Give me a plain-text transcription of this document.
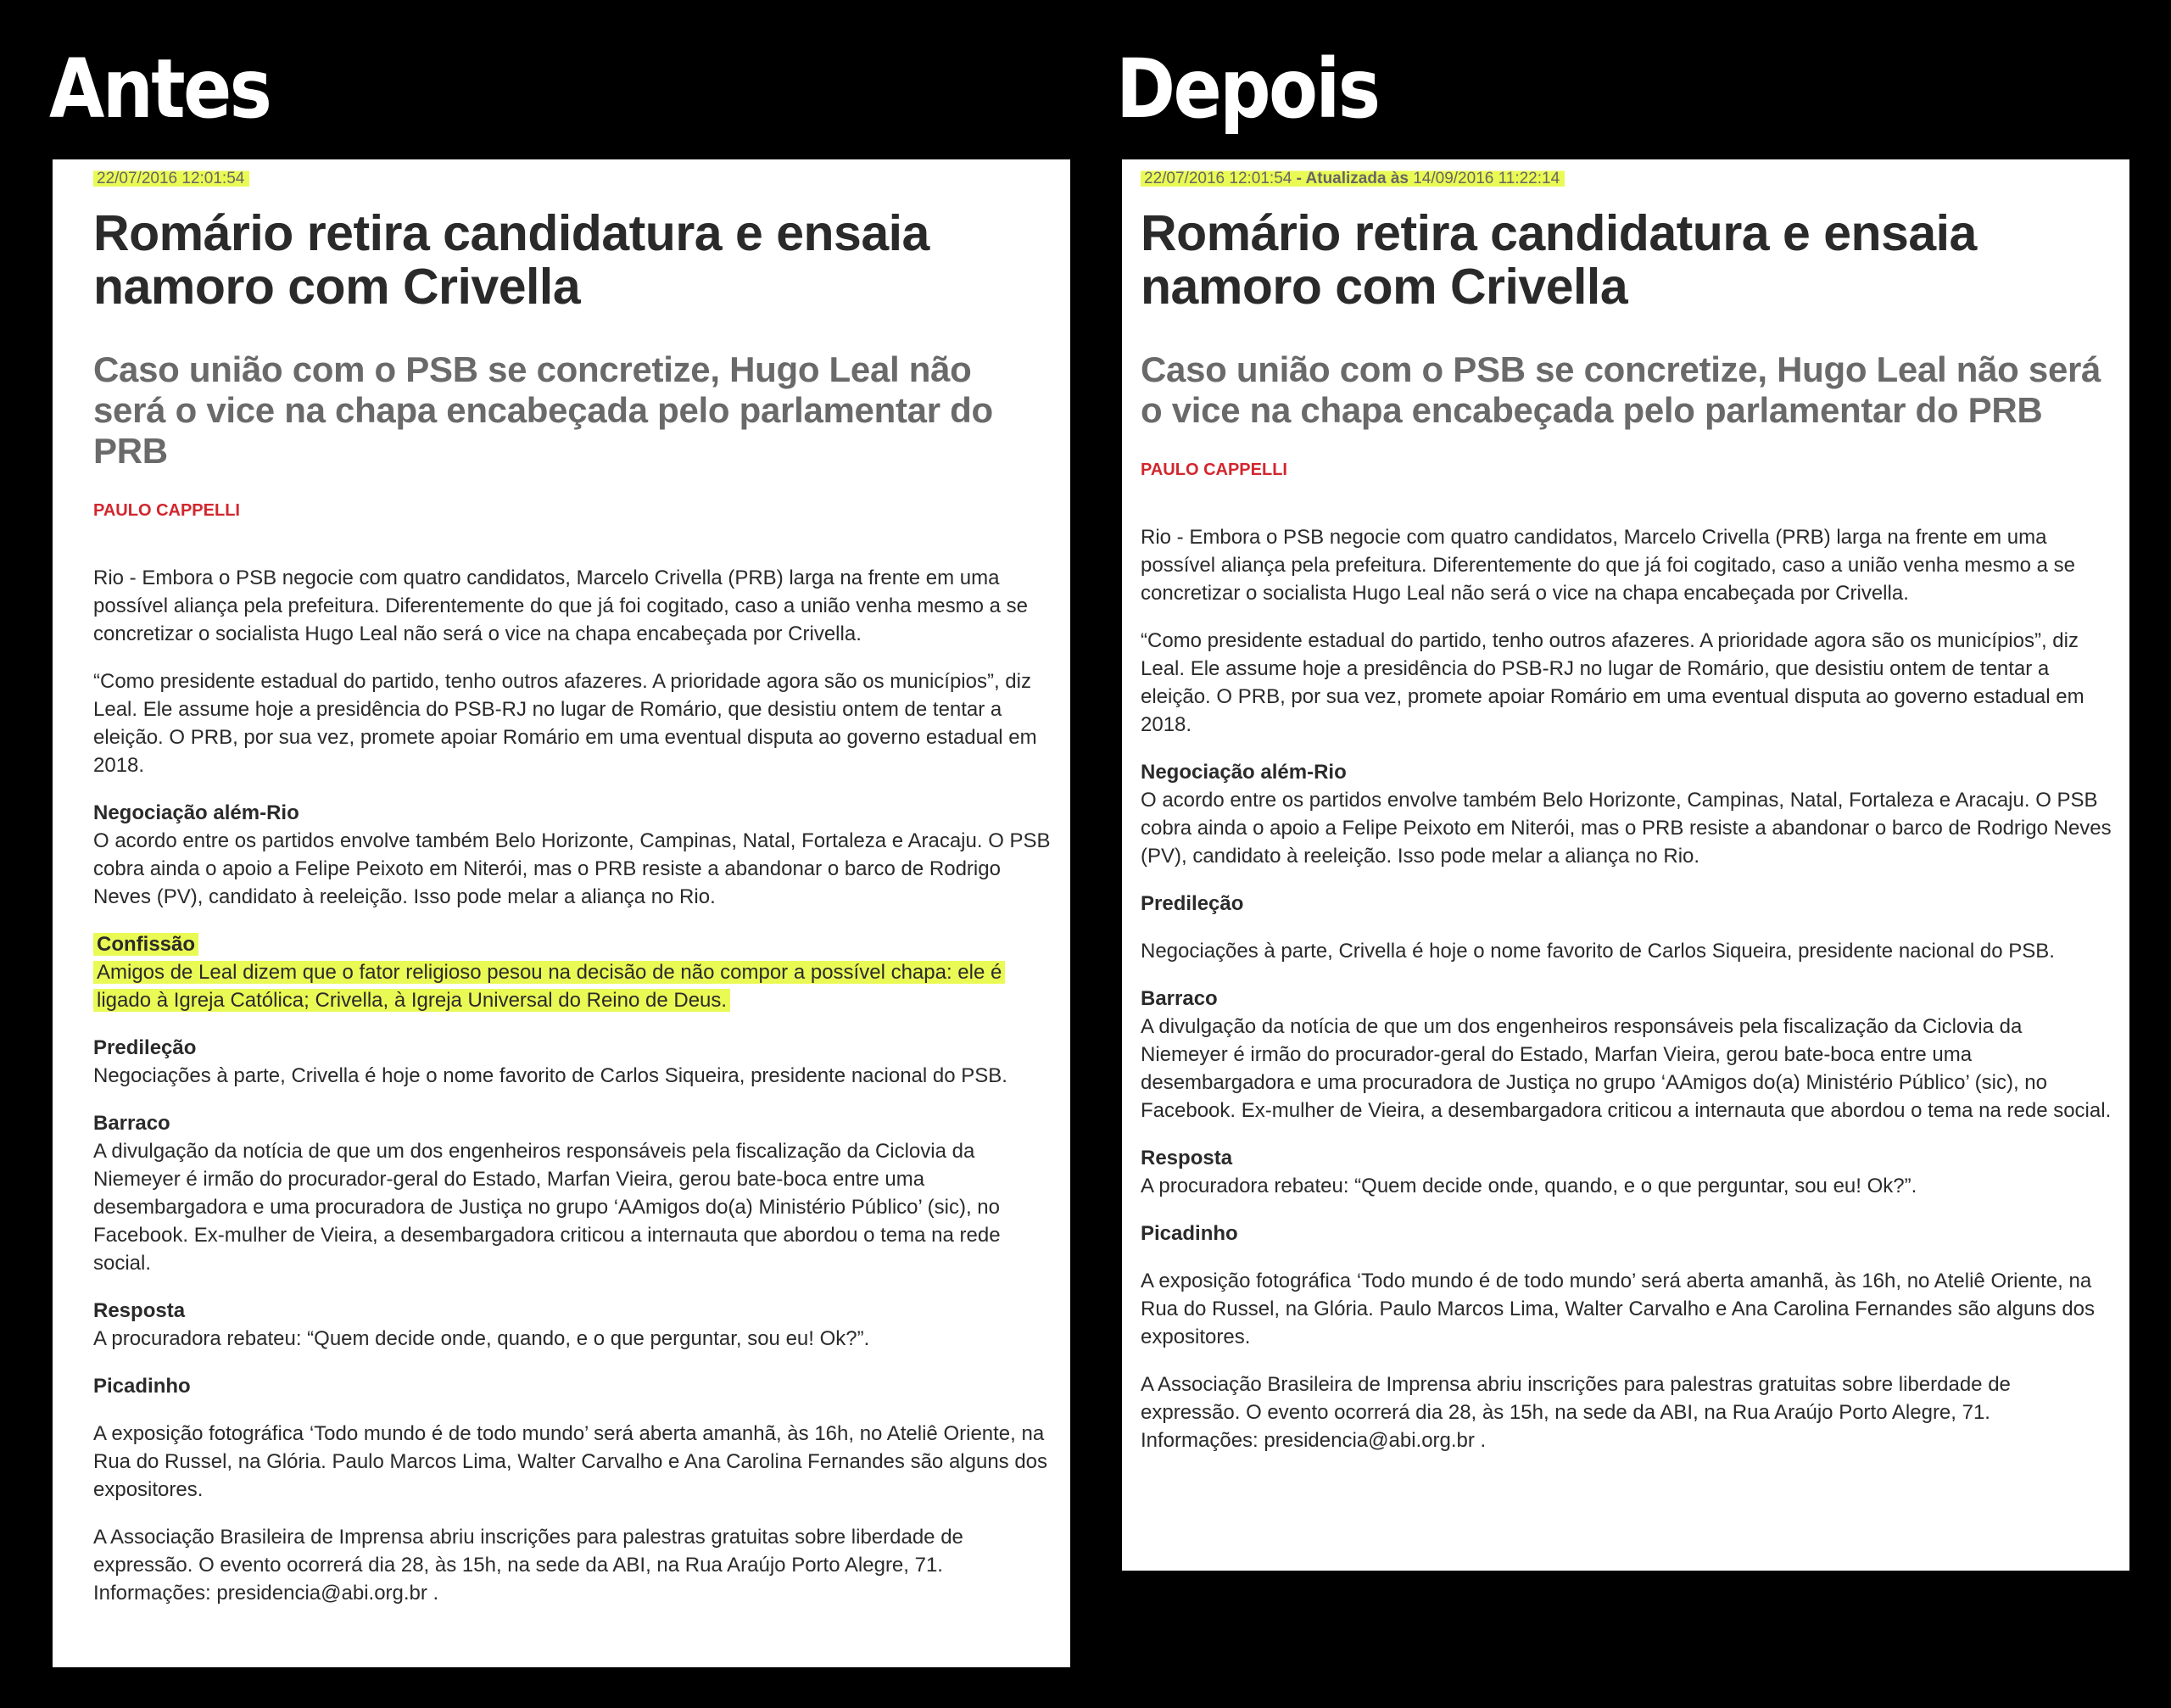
Antes	Depois

22/07/2016 12:01:54

Romário retira candidatura e ensaia namoro com Crivella
Caso união com o PSB se concretize, Hugo Leal não será o vice na chapa encabeçada pelo parlamentar do PRB
PAULO CAPPELLI

Rio - Embora o PSB negocie com quatro candidatos, Marcelo Crivella (PRB) larga na frente em uma possível aliança pela prefeitura. Diferentemente do que já foi cogitado, caso a união venha mesmo a se concretizar o socialista Hugo Leal não será o vice na chapa encabeçada por Crivella.

“Como presidente estadual do partido, tenho outros afazeres. A prioridade agora são os municípios”, diz Leal. Ele assume hoje a presidência do PSB-RJ no lugar de Romário, que desistiu ontem de tentar a eleição. O PRB, por sua vez, promete apoiar Romário em uma eventual disputa ao governo estadual em 2018.

Negociação além-Rio

O acordo entre os partidos envolve também Belo Horizonte, Campinas, Natal, Fortaleza e Aracaju. O PSB cobra ainda o apoio a Felipe Peixoto em Niterói, mas o PRB resiste a abandonar o barco de Rodrigo Neves (PV), candidato à reeleição. Isso pode melar a aliança no Rio.

Confissão

Amigos de Leal dizem que o fator religioso pesou na decisão de não compor a possível chapa: ele é ligado à Igreja Católica; Crivella, à Igreja Universal do Reino de Deus.

Predileção

Negociações à parte, Crivella é hoje o nome favorito de Carlos Siqueira, presidente nacional do PSB.

Barraco

A divulgação da notícia de que um dos engenheiros responsáveis pela fiscalização da Ciclovia da Niemeyer é irmão do procurador-geral do Estado, Marfan Vieira, gerou bate-boca entre uma desembargadora e uma procuradora de Justiça no grupo ‘AAmigos do(a) Ministério Público’ (sic), no Facebook. Ex-mulher de Vieira, a desembargadora criticou a internauta que abordou o tema na rede social.

Resposta

A procuradora rebateu: “Quem decide onde, quando, e o que perguntar, sou eu! Ok?”.

Picadinho

A exposição fotográfica ‘Todo mundo é de todo mundo’ será aberta amanhã, às 16h, no Ateliê Oriente, na Rua do Russel, na Glória. Paulo Marcos Lima, Walter Carvalho e Ana Carolina Fernandes são alguns dos expositores.

A Associação Brasileira de Imprensa abriu inscrições para palestras gratuitas sobre liberdade de expressão. O evento ocorrerá dia 28, às 15h, na sede da ABI, na Rua Araújo Porto Alegre, 71. Informações: presidencia@abi.org.br .

22/07/2016 12:01:54 - Atualizada às 14/09/2016 11:22:14

Romário retira candidatura e ensaia namoro com Crivella
Caso união com o PSB se concretize, Hugo Leal não será o vice na chapa encabeçada pelo parlamentar do PRB
PAULO CAPPELLI

Rio - Embora o PSB negocie com quatro candidatos, Marcelo Crivella (PRB) larga na frente em uma possível aliança pela prefeitura. Diferentemente do que já foi cogitado, caso a união venha mesmo a se concretizar o socialista Hugo Leal não será o vice na chapa encabeçada por Crivella.

“Como presidente estadual do partido, tenho outros afazeres. A prioridade agora são os municípios”, diz Leal. Ele assume hoje a presidência do PSB-RJ no lugar de Romário, que desistiu ontem de tentar a eleição. O PRB, por sua vez, promete apoiar Romário em uma eventual disputa ao governo estadual em 2018.

Negociação além-Rio

O acordo entre os partidos envolve também Belo Horizonte, Campinas, Natal, Fortaleza e Aracaju. O PSB cobra ainda o apoio a Felipe Peixoto em Niterói, mas o PRB resiste a abandonar o barco de Rodrigo Neves (PV), candidato à reeleição. Isso pode melar a aliança no Rio.

Predileção

Negociações à parte, Crivella é hoje o nome favorito de Carlos Siqueira, presidente nacional do PSB.

Barraco

A divulgação da notícia de que um dos engenheiros responsáveis pela fiscalização da Ciclovia da Niemeyer é irmão do procurador-geral do Estado, Marfan Vieira, gerou bate-boca entre uma desembargadora e uma procuradora de Justiça no grupo ‘AAmigos do(a) Ministério Público’ (sic), no Facebook. Ex-mulher de Vieira, a desembargadora criticou a internauta que abordou o tema na rede social.

Resposta

A procuradora rebateu: “Quem decide onde, quando, e o que perguntar, sou eu! Ok?”.

Picadinho

A exposição fotográfica ‘Todo mundo é de todo mundo’ será aberta amanhã, às 16h, no Ateliê Oriente, na Rua do Russel, na Glória. Paulo Marcos Lima, Walter Carvalho e Ana Carolina Fernandes são alguns dos expositores.

A Associação Brasileira de Imprensa abriu inscrições para palestras gratuitas sobre liberdade de expressão. O evento ocorrerá dia 28, às 15h, na sede da ABI, na Rua Araújo Porto Alegre, 71. Informações: presidencia@abi.org.br .
